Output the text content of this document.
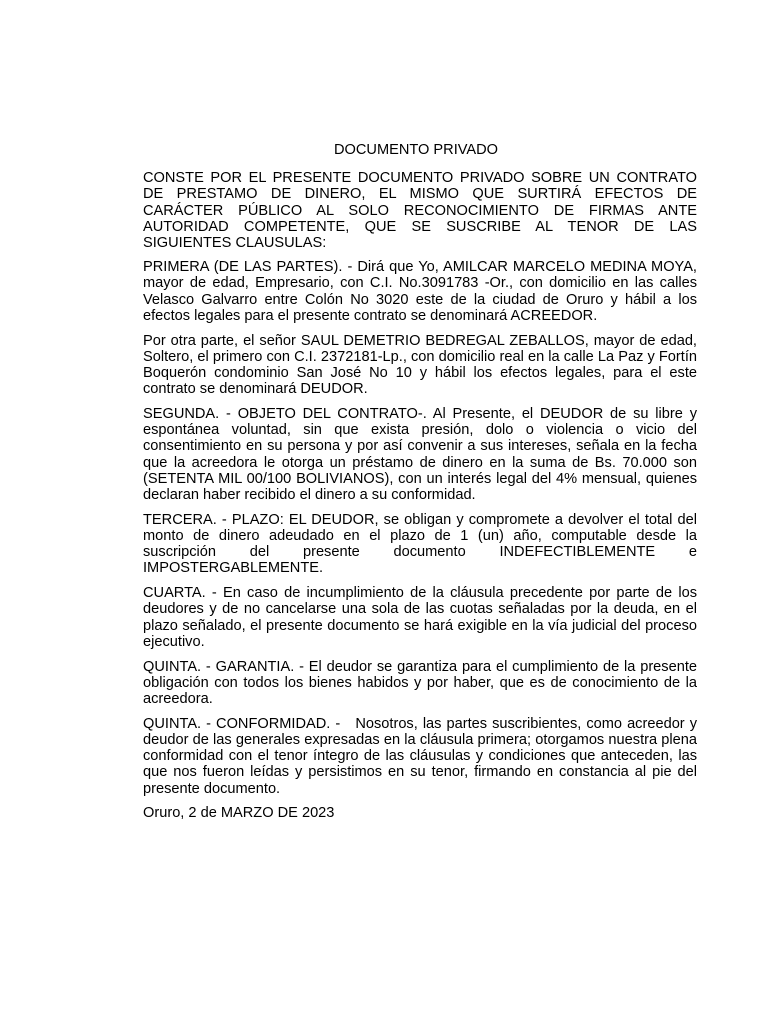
DOCUMENTO PRIVADO

CONSTE POR EL PRESENTE DOCUMENTO PRIVADO SOBRE UN CONTRATO DE PRESTAMO DE DINERO, EL MISMO QUE SURTIRÁ EFECTOS DE CARÁCTER PÚBLICO AL SOLO RECONOCIMIENTO DE FIRMAS ANTE AUTORIDAD COMPETENTE, QUE SE SUSCRIBE AL TENOR DE LAS SIGUIENTES CLAUSULAS:

PRIMERA (DE LAS PARTES). - Dirá que Yo, AMILCAR MARCELO MEDINA MOYA, mayor de edad, Empresario, con C.I. No.3091783 -Or., con domicilio en las calles Velasco Galvarro entre Colón No 3020 este de la ciudad de Oruro y hábil a los efectos legales para el presente contrato se denominará ACREEDOR.

Por otra parte, el señor SAUL DEMETRIO BEDREGAL ZEBALLOS, mayor de edad, Soltero, el primero con C.I. 2372181-Lp., con domicilio real en la calle La Paz y Fortín Boquerón condominio San José No 10 y hábil los efectos legales, para el este contrato se denominará DEUDOR.

SEGUNDA. - OBJETO DEL CONTRATO-. Al Presente, el DEUDOR de su libre y espontánea voluntad, sin que exista presión, dolo o violencia o vicio del consentimiento en su persona y por así convenir a sus intereses, señala en la fecha que la acreedora le otorga un préstamo de dinero en la suma de Bs. 70.000 son (SETENTA MIL 00/100 BOLIVIANOS), con un interés legal del 4% mensual, quienes declaran haber recibido el dinero a su conformidad.

TERCERA. - PLAZO: EL DEUDOR, se obligan y compromete a devolver el total del monto de dinero adeudado en el plazo de 1 (un) año, computable desde la suscripción del presente documento INDEFECTIBLEMENTE e IMPOSTERGABLEMENTE.

CUARTA. - En caso de incumplimiento de la cláusula precedente por parte de los deudores y de no cancelarse una sola de las cuotas señaladas por la deuda, en el plazo señalado, el presente documento se hará exigible en la vía judicial del proceso ejecutivo.

QUINTA. - GARANTIA. - El deudor se garantiza para el cumplimiento de la presente obligación con todos los bienes habidos y por haber, que es de conocimiento de la acreedora.

QUINTA. - CONFORMIDAD. -   Nosotros, las partes suscribientes, como acreedor y deudor de las generales expresadas en la cláusula primera; otorgamos nuestra plena conformidad con el tenor íntegro de las cláusulas y condiciones que anteceden, las que nos fueron leídas y persistimos en su tenor, firmando en constancia al pie del presente documento.

Oruro, 2 de MARZO DE 2023
